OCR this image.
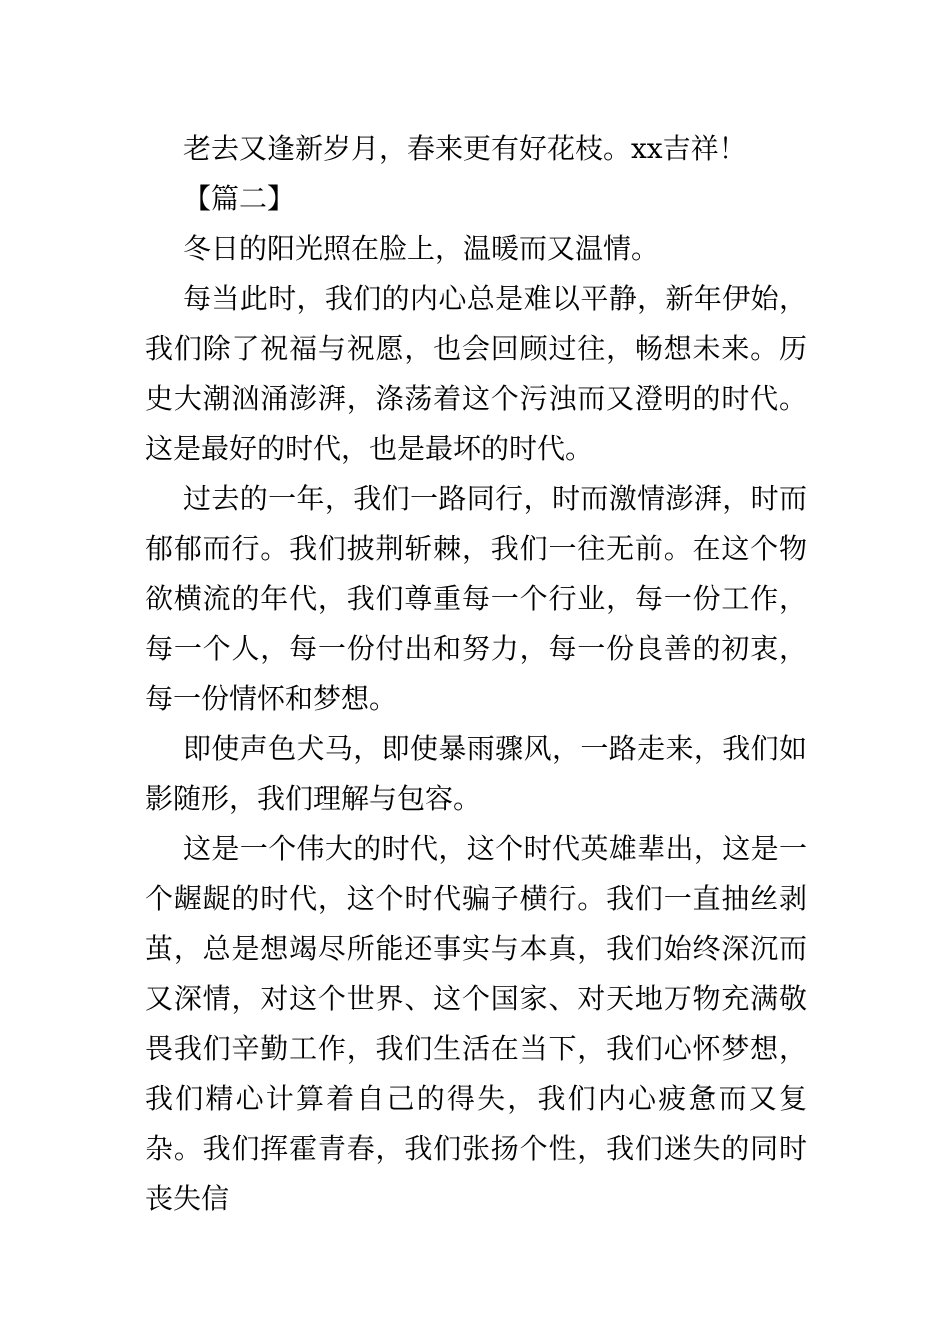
老去又逢新岁月，春来更有好花枝。xx吉祥！

【篇二】

冬日的阳光照在脸上，温暖而又温情。

每当此时，我们的内心总是难以平静，新年伊始，我们除了祝福与祝愿，也会回顾过往，畅想未来。历史大潮汹涌澎湃，涤荡着这个污浊而又澄明的时代。这是最好的时代，也是最坏的时代。

过去的一年，我们一路同行，时而激情澎湃，时而郁郁而行。我们披荆斩棘，我们一往无前。在这个物欲横流的年代，我们尊重每一个行业，每一份工作，每一个人，每一份付出和努力，每一份良善的初衷，每一份情怀和梦想。

即使声色犬马，即使暴雨骤风，一路走来，我们如影随形，我们理解与包容。

这是一个伟大的时代，这个时代英雄辈出，这是一个龌龊的时代，这个时代骗子横行。我们一直抽丝剥茧，总是想竭尽所能还事实与本真，我们始终深沉而又深情，对这个世界、这个国家、对天地万物充满敬畏我们辛勤工作，我们生活在当下，我们心怀梦想，我们精心计算着自己的得失，我们内心疲惫而又复杂。我们挥霍青春，我们张扬个性，我们迷失的同时丧失信
